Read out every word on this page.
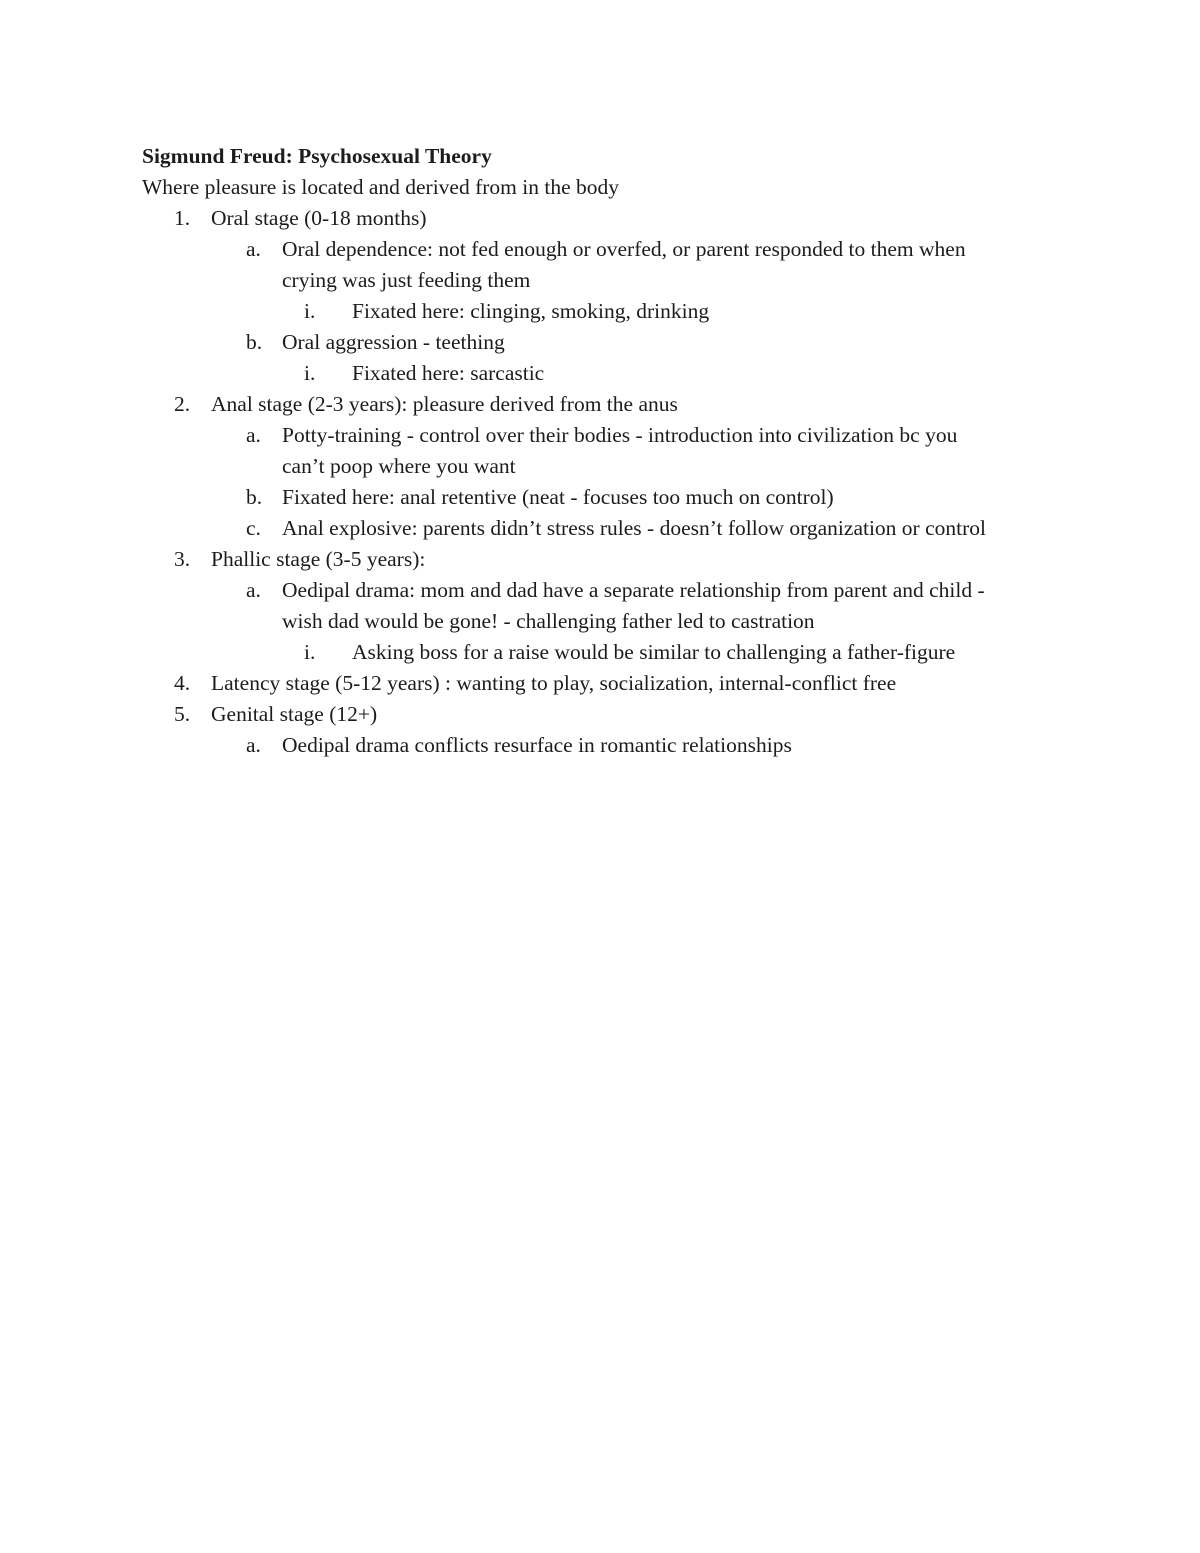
Sigmund Freud: Psychosexual Theory
Where pleasure is located and derived from in the body
1. Oral stage (0-18 months)
a. Oral dependence: not fed enough or overfed, or parent responded to them when
crying was just feeding them
i. Fixated here: clinging, smoking, drinking
b. Oral aggression - teething
i. Fixated here: sarcastic
2. Anal stage (2-3 years): pleasure derived from the anus
a. Potty-training - control over their bodies - introduction into civilization bc you
can’t poop where you want
b. Fixated here: anal retentive (neat - focuses too much on control)
c. Anal explosive: parents didn’t stress rules - doesn’t follow organization or control
3. Phallic stage (3-5 years):
a. Oedipal drama: mom and dad have a separate relationship from parent and child -
wish dad would be gone! - challenging father led to castration
i. Asking boss for a raise would be similar to challenging a father-figure
4. Latency stage (5-12 years) : wanting to play, socialization, internal-conflict free
5. Genital stage (12+)
a. Oedipal drama conflicts resurface in romantic relationships
